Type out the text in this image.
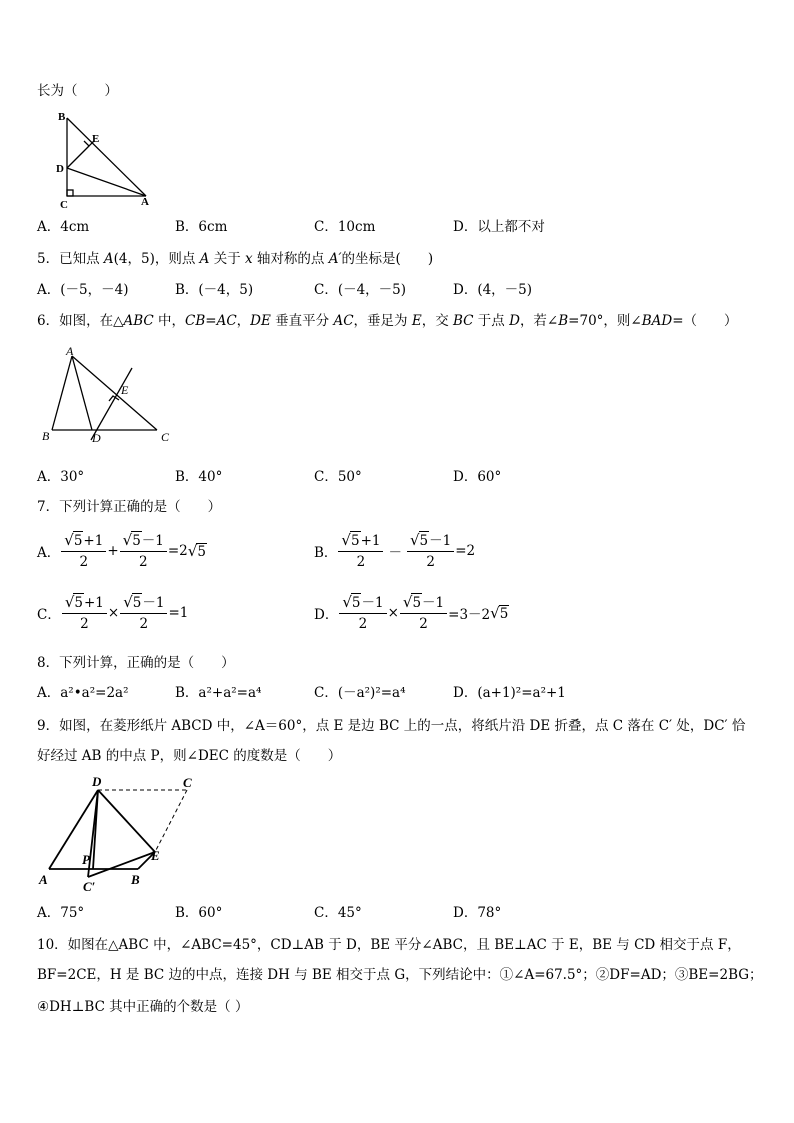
长为（　　）
B
E
D
C	A
A．4cm	B．6cm	C．10cm	D．以上都不对
5．已知点 A(4，5)，则点 A 关于 x 轴对称的点 A′的坐标是(　　)
A．(－5，－4)	B．(－4，5)	C．(－4，－5)	D．(4，－5)
6．如图，在△ABC 中，CB=AC，DE 垂直平分 AC，垂足为 E，交 BC 于点 D，若∠B=70°，则∠BAD=（　　）
A
E
B	D	C
A．30°	B．40°	C．50°	D．60°
7．下列计算正确的是（　　）
A． $\frac{√5+1}{2} + \frac{√5-1}{2} =2$ √ 5	B． $\frac{√5+1}{2} - \frac{√5-1}{2} =2$
C． $\frac{√5+1}{2} \times \frac{√5-1}{2} =1$	D． $\frac{√5-1}{2} \times \frac{√5-1}{2} =3-2$ √ 5
8．下列计算，正确的是（　　）
A．a²•a²=2a²	B．a²+a²=a⁴	C．(－a²)²=a⁴	D．(a+1)²=a²+1
9．如图，在菱形纸片 ABCD 中，∠A＝60°，点 E 是边 BC 上的一点，将纸片沿 DE 折叠，点 C 落在 C′ 处，DC′ 恰
好经过 AB 的中点 P，则∠DEC 的度数是（　　）
D	C
P	E
A	C′	B
A．75°	B．60°	C．45°	D．78°
10．如图在△ABC 中，∠ABC=45°，CD⊥AB 于 D，BE 平分∠ABC，且 BE⊥AC 于 E，BE 与 CD 相交于点 F，
BF=2CE，H 是 BC 边的中点，连接 DH 与 BE 相交于点 G，下列结论中：①∠A=67.5°；②DF=AD；③BE=2BG；
④DH⊥BC 其中正确的个数是（ ）
